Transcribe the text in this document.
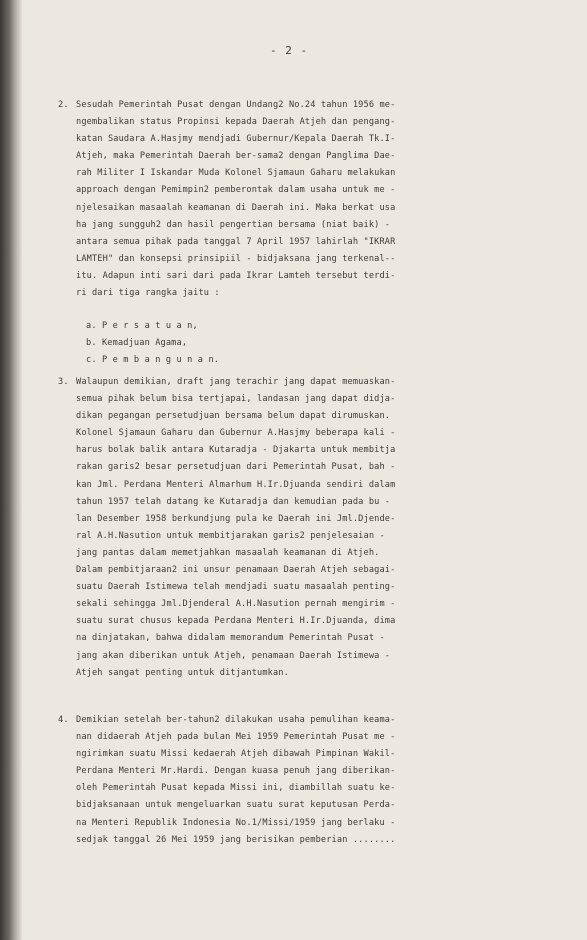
- 2 -
2. Sesudah Pemerintah Pusat dengan Undang2 No.24 tahun 1956 me-
ngembalikan status Propinsi kepada Daerah Atjeh dan pengang-
katan Saudara A.Hasjmy mendjadi Gubernur/Kepala Daerah Tk.I-
Atjeh, maka Pemerintah Daerah ber-sama2 dengan Panglima Dae-
rah Militer I Iskandar Muda Kolonel Sjamaun Gaharu melakukan
approach dengan Pemimpin2 pemberontak dalam usaha untuk me -
njelesaikan masaalah keamanan di Daerah ini. Maka berkat usa
ha jang sungguh2 dan hasil pengertian bersama (niat baik) -
antara semua pihak pada tanggal 7 April 1957 lahirlah "IKRAR
LAMTEH" dan konsepsi prinsipiil - bidjaksana jang terkenal--
itu. Adapun inti sari dari pada Ikrar Lamteh tersebut terdi-
ri dari tiga rangka jaitu :
a. P e r s a t u a n,
b. Kemadjuan Agama,
c. P e m b a n g u n a n.
3. Walaupun demikian, draft jang terachir jang dapat memuaskan-
semua pihak belum bisa tertjapai, landasan jang dapat didja-
dikan pegangan persetudjuan bersama belum dapat dirumuskan.
Kolonel Sjamaun Gaharu dan Gubernur A.Hasjmy beberapa kali -
harus bolak balik antara Kutaradja - Djakarta untuk membitja
rakan garis2 besar persetudjuan dari Pemerintah Pusat, bah -
kan Jml. Perdana Menteri Almarhum H.Ir.Djuanda sendiri dalam
tahun 1957 telah datang ke Kutaradja dan kemudian pada bu -
lan Desember 1958 berkundjung pula ke Daerah ini Jml.Djende-
ral A.H.Nasution untuk membitjarakan garis2 penjelesaian -
jang pantas dalam memetjahkan masaalah keamanan di Atjeh.
Dalam pembitjaraan2 ini unsur penamaan Daerah Atjeh sebagai-
suatu Daerah Istimewa telah mendjadi suatu masaalah penting-
sekali sehingga Jml.Djenderal A.H.Nasution pernah mengirim -
suatu surat chusus kepada Perdana Menteri H.Ir.Djuanda, dima
na dinjatakan, bahwa didalam memorandum Pemerintah Pusat -
jang akan diberikan untuk Atjeh, penamaan Daerah Istimewa -
Atjeh sangat penting untuk ditjantumkan.
4. Demikian setelah ber-tahun2 dilakukan usaha pemulihan keama-
nan didaerah Atjeh pada bulan Mei 1959 Pemerintah Pusat me -
ngirimkan suatu Missi kedaerah Atjeh dibawah Pimpinan Wakil-
Perdana Menteri Mr.Hardi. Dengan kuasa penuh jang diberikan-
oleh Pemerintah Pusat kepada Missi ini, diambillah suatu ke-
bidjaksanaan untuk mengeluarkan suatu surat keputusan Perda-
na Menteri Republik Indonesia No.1/Missi/1959 jang berlaku -
sedjak tanggal 26 Mei 1959 jang berisikan pemberian ........
